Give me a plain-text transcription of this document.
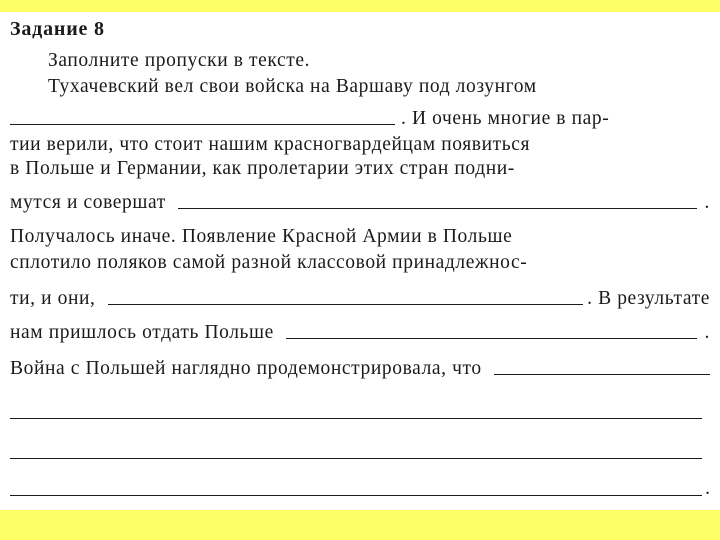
Задание 8
Заполните пропуски в тексте.
Тухачевский вел свои войска на Варшаву под лозунгом
. И очень многие в пар-
тии верили, что стоит нашим красногвардейцам появиться
в Польше и Германии, как пролетарии этих стран подни-
мутся и совершат	.
Получалось иначе. Появление Красной Армии в Польше
сплотило поляков самой разной классовой принадлежнос-
ти, и они,	. В результате
нам пришлось отдать Польше	.
Война с Польшей наглядно продемонстрировала, что
.
